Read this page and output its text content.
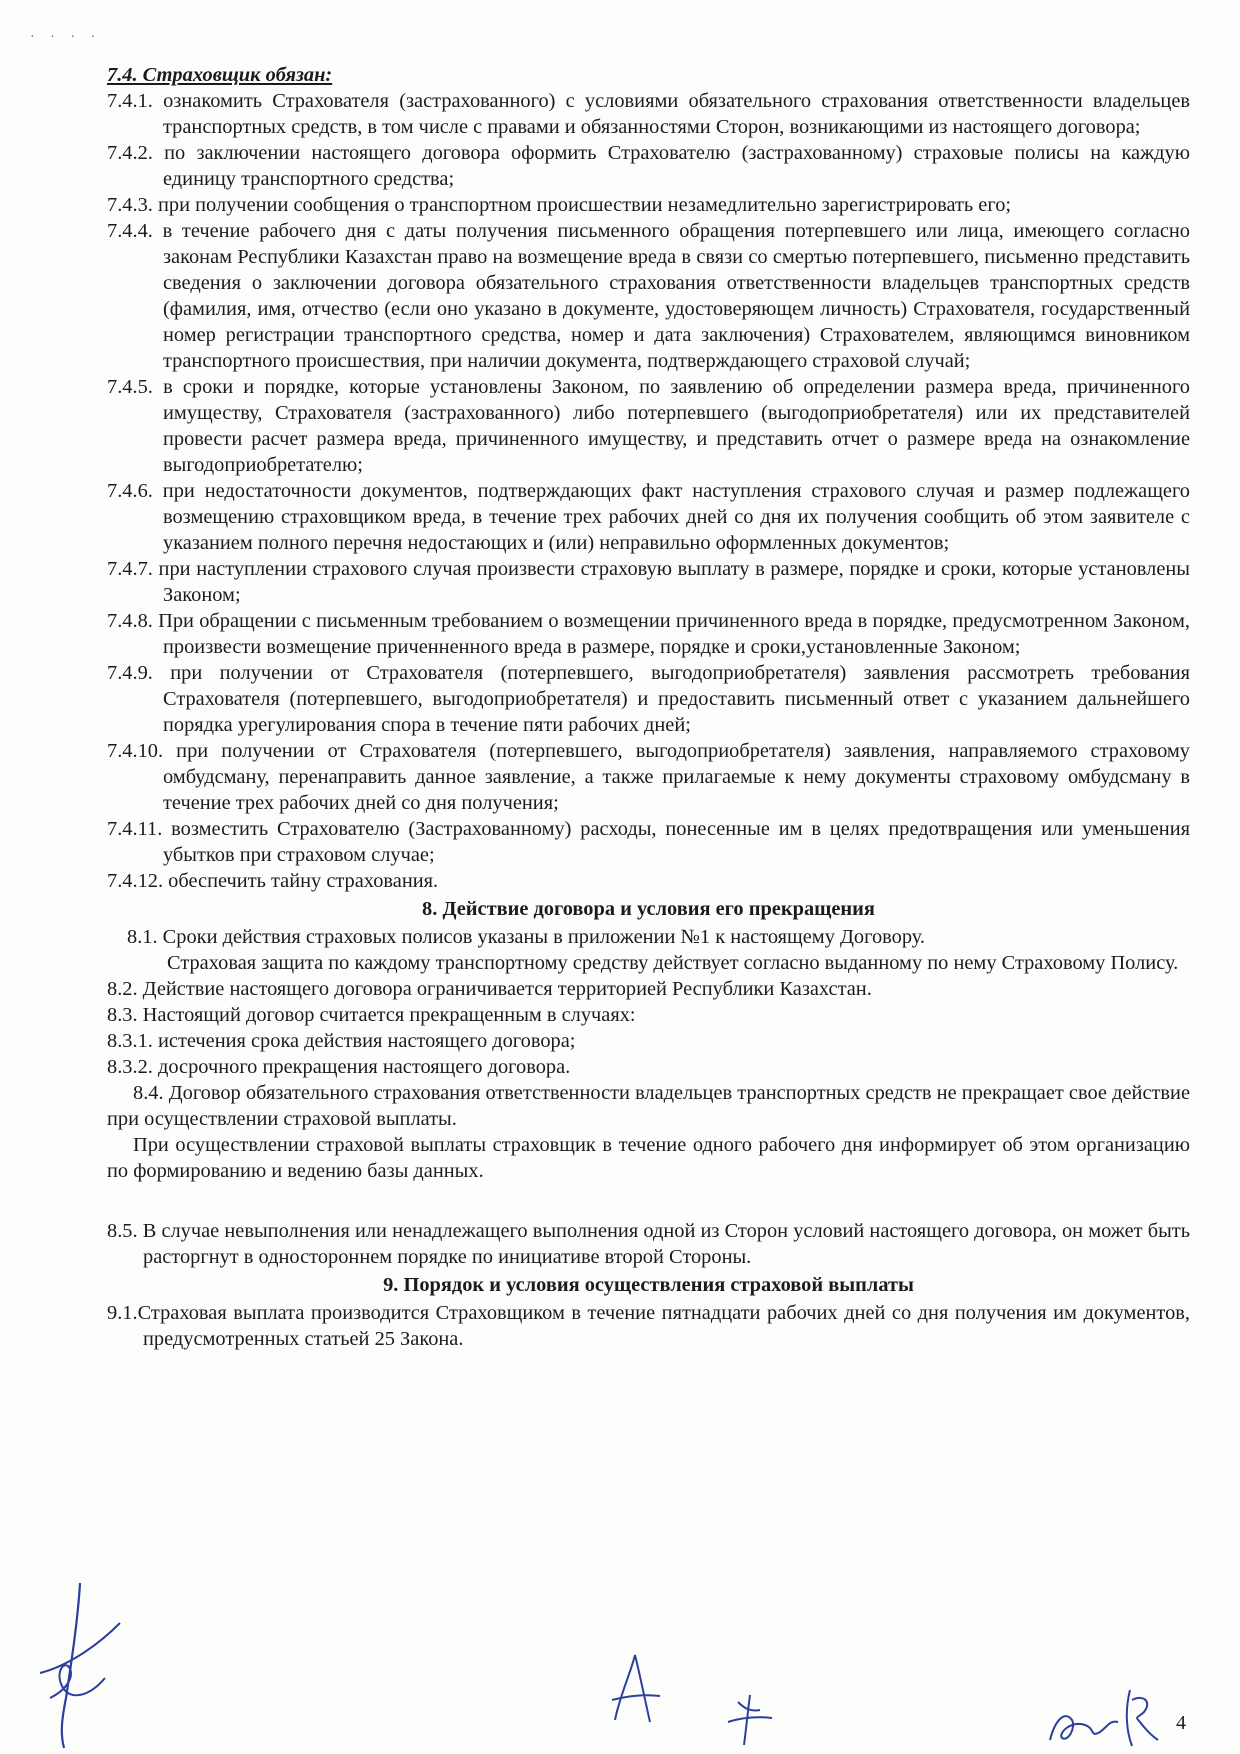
· · · ·
7.4. Страховщик обязан:
7.4.1. ознакомить Страхователя (застрахованного) с условиями обязательного страхования ответственности владельцев транспортных средств, в том числе с правами и обязанностями Сторон, возникающими из настоящего договора;
7.4.2. по заключении настоящего договора оформить Страхователю (застрахованному) страховые полисы на каждую единицу транспортного средства;
7.4.3. при получении сообщения о транспортном происшествии незамедлительно зарегистрировать его;
7.4.4. в течение рабочего дня с даты получения письменного обращения потерпевшего или лица, имеющего согласно законам Республики Казахстан право на возмещение вреда в связи со смертью потерпевшего, письменно представить сведения о заключении договора обязательного страхования ответственности владельцев транспортных средств (фамилия, имя, отчество (если оно указано в документе, удостоверяющем личность) Страхователя, государственный номер регистрации транспортного средства, номер и дата заключения) Страхователем, являющимся виновником транспортного происшествия, при наличии документа, подтверждающего страховой случай;
7.4.5. в сроки и порядке, которые установлены Законом, по заявлению об определении размера вреда, причиненного имуществу, Страхователя (застрахованного) либо потерпевшего (выгодоприобретателя) или их представителей провести расчет размера вреда, причиненного имуществу, и представить отчет о размере вреда на ознакомление выгодоприобретателю;
7.4.6. при недостаточности документов, подтверждающих факт наступления страхового случая и размер подлежащего возмещению страховщиком вреда, в течение трех рабочих дней со дня их получения сообщить об этом заявителе с указанием полного перечня недостающих и (или) неправильно оформленных документов;
7.4.7. при наступлении страхового случая произвести страховую выплату в размере, порядке и сроки, которые установлены Законом;
7.4.8. При обращении с письменным требованием о возмещении причиненного вреда в порядке, предусмотренном Законом, произвести возмещение приченненного вреда в размере, порядке и сроки,установленные Законом;
7.4.9. при получении от Страхователя (потерпевшего, выгодоприобретателя) заявления рассмотреть требования Страхователя (потерпевшего, выгодоприобретателя) и предоставить письменный ответ с указанием дальнейшего порядка урегулирования спора в течение пяти рабочих дней;
7.4.10. при получении от Страхователя (потерпевшего, выгодоприобретателя) заявления, направляемого страховому омбудсману, перенаправить данное заявление, а также прилагаемые к нему документы страховому омбудсману в течение трех рабочих дней со дня получения;
7.4.11. возместить Страхователю (Застрахованному) расходы, понесенные им в целях предотвращения или уменьшения убытков при страховом случае;
7.4.12. обеспечить тайну страхования.
8. Действие договора и условия его прекращения
8.1. Сроки действия страховых полисов указаны в приложении №1 к настоящему Договору.
Страховая защита по каждому транспортному средству действует согласно выданному по нему Страховому Полису.
8.2. Действие настоящего договора ограничивается территорией Республики Казахстан.
8.3. Настоящий договор считается прекращенным в случаях:
8.3.1. истечения срока действия настоящего договора;
8.3.2. досрочного прекращения настоящего договора.
8.4. Договор обязательного страхования ответственности владельцев транспортных средств не прекращает свое действие при осуществлении страховой выплаты.
При осуществлении страховой выплаты страховщик в течение одного рабочего дня информирует об этом организацию по формированию и ведению базы данных.
8.5. В случае невыполнения или ненадлежащего выполнения одной из Сторон условий настоящего договора, он может быть расторгнут в одностороннем порядке по инициативе второй Стороны.
9. Порядок и условия осуществления страховой выплаты
9.1.Страховая выплата производится Страховщиком в течение пятнадцати рабочих дней со дня получения им документов, предусмотренных статьей 25 Закона.
4
